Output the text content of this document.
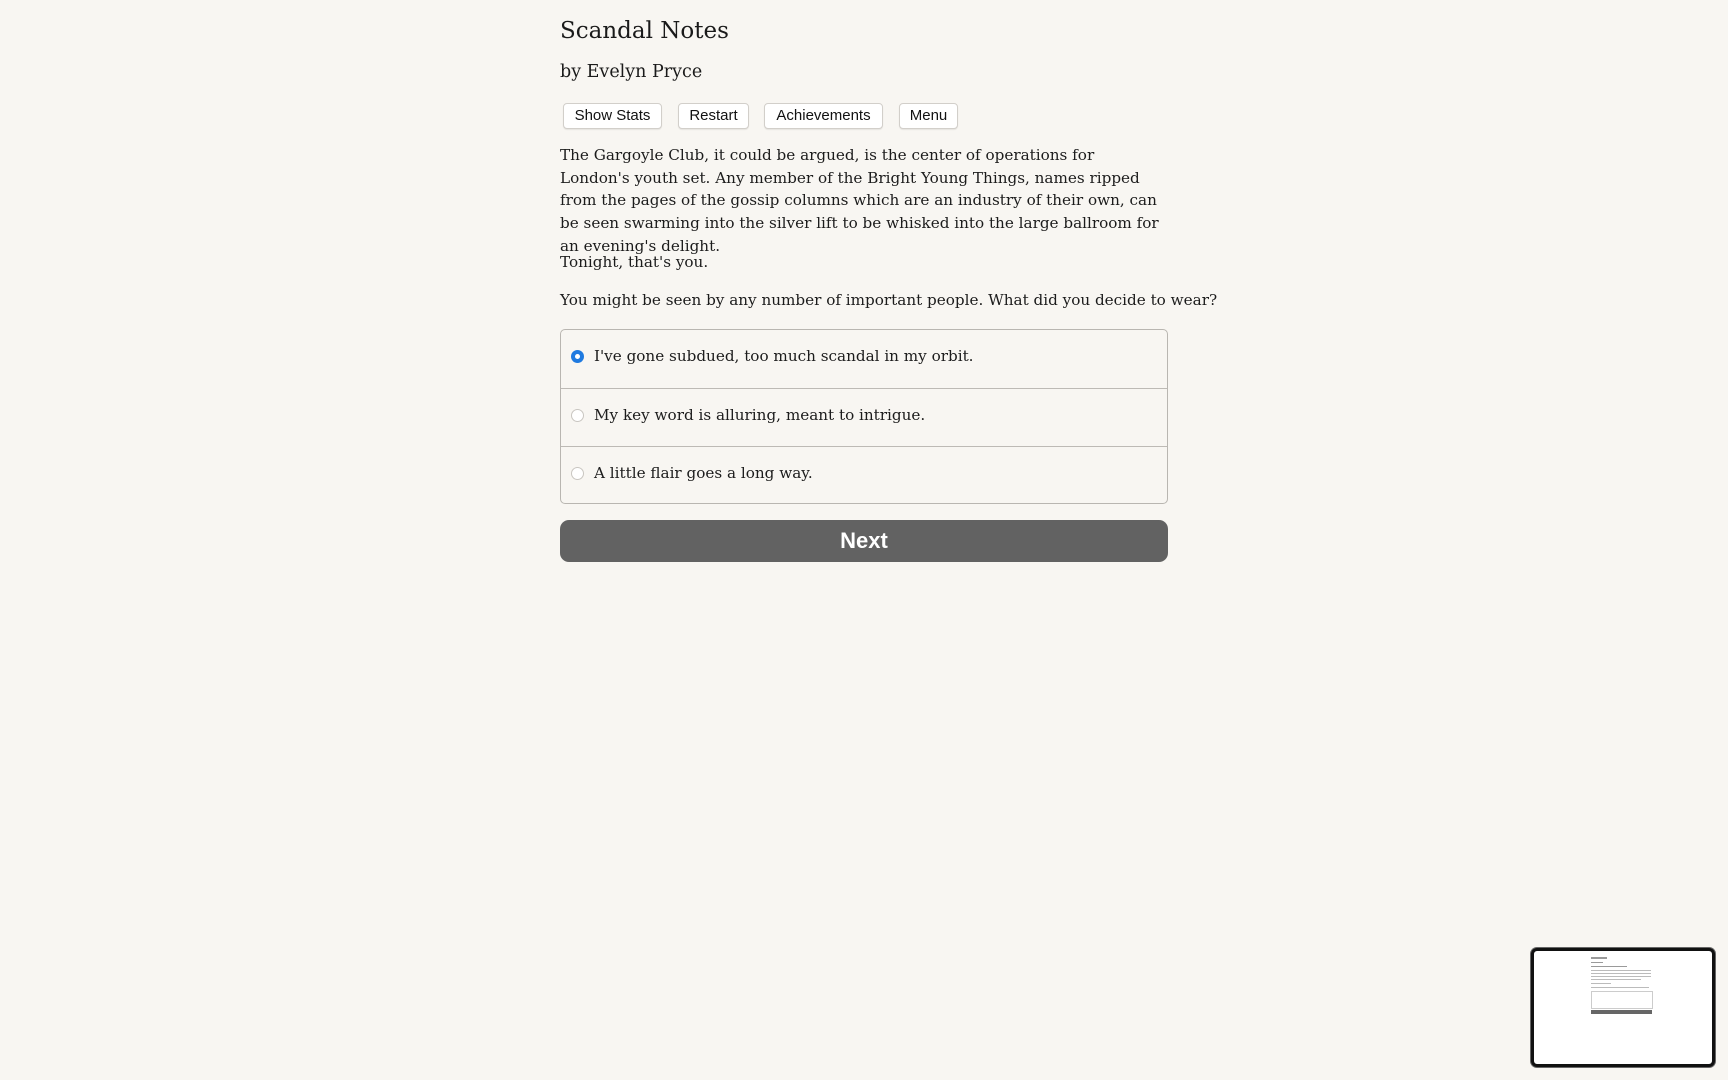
Scandal Notes
by Evelyn Pryce
Show Stats	Restart	Achievements	Menu
The Gargoyle Club, it could be argued, is the center of operations for London's youth set. Any member of the Bright Young Things, names ripped from the pages of the gossip columns which are an industry of their own, can be seen swarming into the silver lift to be whisked into the large ballroom for an evening's delight.
Tonight, that's you.
You might be seen by any number of important people. What did you decide to wear?
I've gone subdued, too much scandal in my orbit.
My key word is alluring, meant to intrigue.
A little flair goes a long way.
Next
